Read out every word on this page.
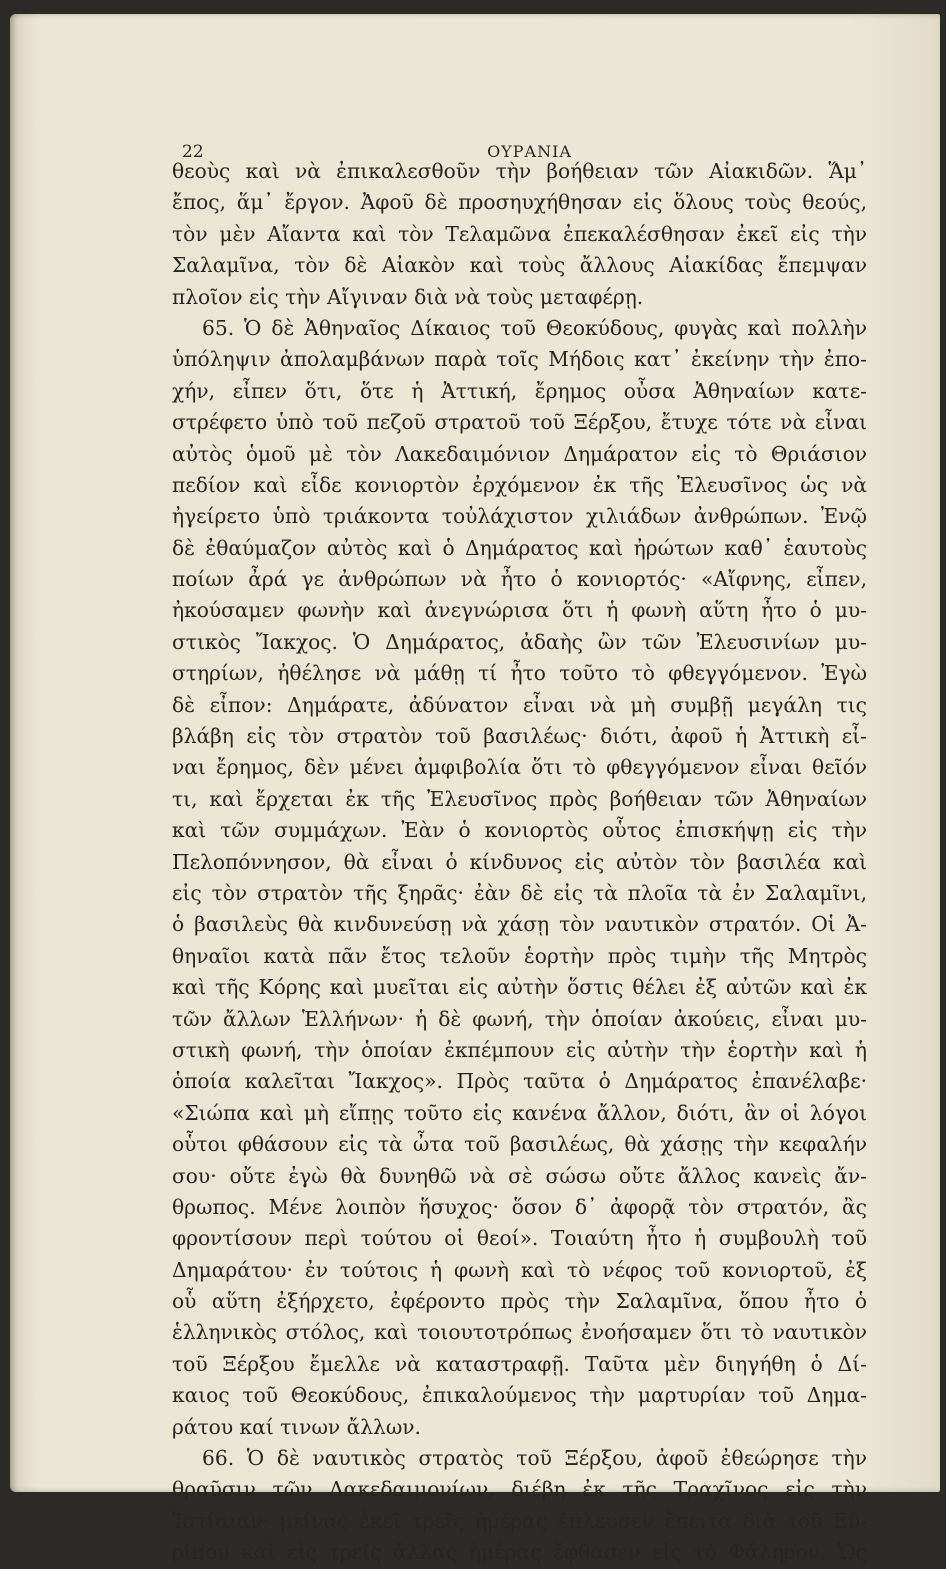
22	ΟΥΡΑΝΙΑ
θεοὺς καὶ νὰ ἐπικαλεσθοῦν τὴν βοήθειαν τῶν Αἰακιδῶν. Ἅμ᾽
ἔπος, ἅμ᾽ ἔργον. Ἀφοῦ δὲ προσηυχήθησαν εἰς ὅλους τοὺς θεούς,
τὸν μὲν Αἴαντα καὶ τὸν Τελαμῶνα ἐπεκαλέσθησαν ἐκεῖ εἰς τὴν
Σαλαμῖνα, τὸν δὲ Αἰακὸν καὶ τοὺς ἄλλους Αἰακίδας ἔπεμψαν
πλοῖον εἰς τὴν Αἴγιναν διὰ νὰ τοὺς μεταφέρῃ.
65. Ὁ δὲ Ἀθηναῖος Δίκαιος τοῦ Θεοκύδους, φυγὰς καὶ πολλὴν
ὑπόληψιν ἀπολαμβάνων παρὰ τοῖς Μήδοις κατ᾽ ἐκείνην τὴν ἐπο-
χήν, εἶπεν ὅτι, ὅτε ἡ Ἀττική, ἔρημος οὖσα Ἀθηναίων κατε-
στρέφετο ὑπὸ τοῦ πεζοῦ στρατοῦ τοῦ Ξέρξου, ἔτυχε τότε νὰ εἶναι
αὐτὸς ὁμοῦ μὲ τὸν Λακεδαιμόνιον Δημάρατον εἰς τὸ Θριάσιον
πεδίον καὶ εἶδε κονιορτὸν ἐρχόμενον ἐκ τῆς Ἐλευσῖνος ὡς νὰ
ἠγείρετο ὑπὸ τριάκοντα τοὐλάχιστον χιλιάδων ἀνθρώπων. Ἐνῷ
δὲ ἐθαύμαζον αὐτὸς καὶ ὁ Δημάρατος καὶ ἠρώτων καθ᾽ ἑαυτοὺς
ποίων ἆρά γε ἀνθρώπων νὰ ἦτο ὁ κονιορτός· «Αἴφνης, εἶπεν,
ἠκούσαμεν φωνὴν καὶ ἀνεγνώρισα ὅτι ἡ φωνὴ αὕτη ἦτο ὁ μυ-
στικὸς Ἴακχος. Ὁ Δημάρατος, ἀδαὴς ὢν τῶν Ἐλευσινίων μυ-
στηρίων, ἠθέλησε νὰ μάθῃ τί ἦτο τοῦτο τὸ φθεγγόμενον. Ἐγὼ
δὲ εἶπον: Δημάρατε, ἀδύνατον εἶναι νὰ μὴ συμβῇ μεγάλη τις
βλάβη εἰς τὸν στρατὸν τοῦ βασιλέως· διότι, ἀφοῦ ἡ Ἀττικὴ εἶ-
ναι ἔρημος, δὲν μένει ἀμφιβολία ὅτι τὸ φθεγγόμενον εἶναι θεῖόν
τι, καὶ ἔρχεται ἐκ τῆς Ἐλευσῖνος πρὸς βοήθειαν τῶν Ἀθηναίων
καὶ τῶν συμμάχων. Ἐὰν ὁ κονιορτὸς οὗτος ἐπισκήψῃ εἰς τὴν
Πελοπόννησον, θὰ εἶναι ὁ κίνδυνος εἰς αὐτὸν τὸν βασιλέα καὶ
εἰς τὸν στρατὸν τῆς ξηρᾶς· ἐὰν δὲ εἰς τὰ πλοῖα τὰ ἐν Σαλαμῖνι,
ὁ βασιλεὺς θὰ κινδυνεύσῃ νὰ χάσῃ τὸν ναυτικὸν στρατόν. Οἱ Ἀ-
θηναῖοι κατὰ πᾶν ἔτος τελοῦν ἑορτὴν πρὸς τιμὴν τῆς Μητρὸς
καὶ τῆς Κόρης καὶ μυεῖται εἰς αὐτὴν ὅστις θέλει ἐξ αὐτῶν καὶ ἐκ
τῶν ἄλλων Ἑλλήνων· ἡ δὲ φωνή, τὴν ὁποίαν ἀκούεις, εἶναι μυ-
στικὴ φωνή, τὴν ὁποίαν ἐκπέμπουν εἰς αὐτὴν τὴν ἑορτὴν καὶ ἡ
ὁποία καλεῖται Ἴακχος». Πρὸς ταῦτα ὁ Δημάρατος ἐπανέλαβε·
«Σιώπα καὶ μὴ εἴπῃς τοῦτο εἰς κανένα ἄλλον, διότι, ἂν οἱ λόγοι
οὗτοι φθάσουν εἰς τὰ ὦτα τοῦ βασιλέως, θὰ χάσῃς τὴν κεφαλήν
σου· οὔτε ἐγὼ θὰ δυνηθῶ νὰ σὲ σώσω οὔτε ἄλλος κανεὶς ἄν-
θρωπος. Μένε λοιπὸν ἥσυχος· ὅσον δ᾽ ἀφορᾷ τὸν στρατόν, ἂς
φροντίσουν περὶ τούτου οἱ θεοί». Τοιαύτη ἦτο ἡ συμβουλὴ τοῦ
Δημαράτου· ἐν τούτοις ἡ φωνὴ καὶ τὸ νέφος τοῦ κονιορτοῦ, ἐξ
οὗ αὕτη ἐξήρχετο, ἐφέροντο πρὸς τὴν Σαλαμῖνα, ὅπου ἦτο ὁ
ἑλληνικὸς στόλος, καὶ τοιουτοτρόπως ἐνοήσαμεν ὅτι τὸ ναυτικὸν
τοῦ Ξέρξου ἔμελλε νὰ καταστραφῇ. Ταῦτα μὲν διηγήθη ὁ Δί-
καιος τοῦ Θεοκύδους, ἐπικαλούμενος τὴν μαρτυρίαν τοῦ Δημα-
ράτου καί τινων ἄλλων.
66. Ὁ δὲ ναυτικὸς στρατὸς τοῦ Ξέρξου, ἀφοῦ ἐθεώρησε τὴν
θραῦσιν τῶν Λακεδαιμονίων, διέβη ἐκ τῆς Τραχῖνος εἰς τὴν
Ἱστίαιαν· μείνας ἐκεῖ τρεῖς ἡμέρας ἔπλευσεν ἔπειτα διὰ τοῦ Εὐ-
ρίπου καὶ εἰς τρεῖς ἄλλας ἡμέρας ἔφθασεν εἰς τὸ Φάληρον. Ὡς
